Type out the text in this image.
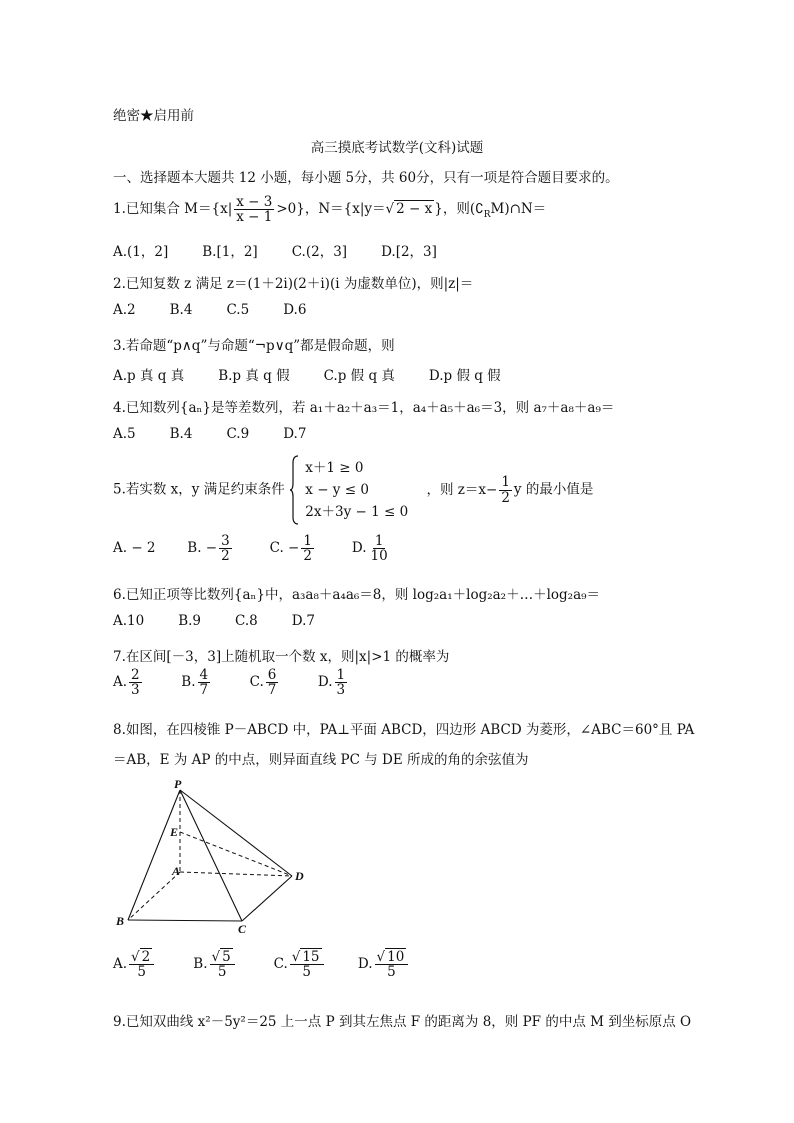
绝密★启用前
高三摸底考试数学(文科)试题
一、选择题本大题共 12 小题，每小题 5分，共 60分，只有一项是符合题目要求的。
1.已知集合 $M=\{x| \frac{x - 3}{x - 1} >0\}$，N＝{x|y＝√ 2 − x }，则$(∁_RM)\cap N=$
A.(1，2]	B.[1，2]	C.(2，3]	D.[2，3]
2.已知复数 z 满足 z＝(1＋2i)(2＋i)(i 为虚数单位)，则|z|＝
A.2	B.4	C.5	D.6
3.若命题“p∧q”与命题“¬p∨q”都是假命题，则
A.p 真 q 真	B.p 真 q 假	C.p 假 q 真	D.p 假 q 假
4.已知数列{aₙ}是等差数列，若 a₁＋a₂＋a₃＝1，a₄＋a₅＋a₆＝3，则 a₇＋a₈＋a₉＝
A.5	B.4	C.9	D.7
5.若实数 x，y 满足约束条件
x＋1 ≥ 0
x − y ≤ 0
2x＋3y − 1 ≤ 0
，则 $z=x- \frac{1}{2}$ y 的最小值是
A. − 2 B. − $\frac{3}{2}$	C. − $\frac{1}{2}$	D. $\frac{1}{10}$
6.已知正项等比数列{aₙ}中，a₃a₈＋a₄a₆＝8，则 log₂a₁＋log₂a₂＋…＋log₂a₉＝
A.10	B.9	C.8	D.7
7.在区间[－3，3]上随机取一个数 x，则|x|>1 的概率为
A. $\frac{2}{3}$	B. $\frac{4}{7}$	C. $\frac{6}{7}$	D. $\frac{1}{3}$
8.如图，在四棱锥 P－ABCD 中，PA⊥平面 ABCD，四边形 ABCD 为菱形，∠ABC＝60°且 PA
＝AB，E 为 AP 的中点，则异面直线 PC 与 DE 所成的角的余弦值为
P
E
A
B
C
D
A. $\frac{√ 2}{5}$	B. $\frac{√ 5}{5}$	C. $\frac{√ 15}{5}$	D. $\frac{√ 10}{5}$
9.已知双曲线 x²－5y²＝25 上一点 P 到其左焦点 F 的距离为 8，则 PF 的中点 M 到坐标原点 O
